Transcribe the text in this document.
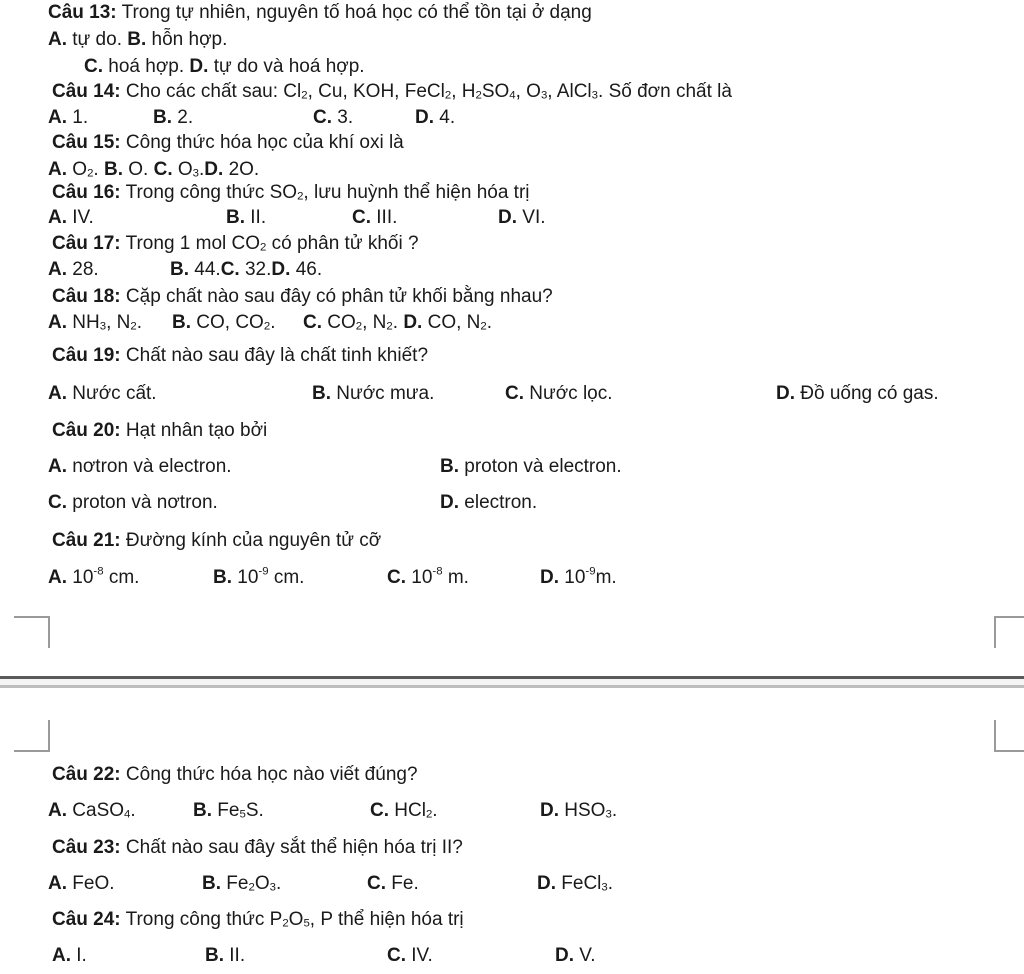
Câu 13: Trong tự nhiên, nguyên tố hoá học có thể tồn tại ở dạng
A. tự do. B. hỗn hợp.
C. hoá hợp. D. tự do và hoá hợp.
Câu 14: Cho các chất sau: $Cl_2$, Cu, KOH, FeCl$_2$, $H_2SO_4$, $O_3$, AlCl$_3$. Số đơn chất là
A. 1.	B. 2.	C. 3.	D. 4.
Câu 15: Công thức hóa học của khí oxi là
A. $O_2$. B. O. C. $O_3.D$. 2O.
Câu 16: Trong công thức $SO_2$, lưu huỳnh thể hiện hóa trị
A. IV.	B. II.	C. III.	D. VI.
Câu 17: Trong 1 mol $CO_2$ có phân tử khối ?
A. 28.	B. 44.C. 32.D. 46.
Câu 18: Cặp chất nào sau đây có phân tử khối bằng nhau?
A. $NH_3$, $N_2$. B. CO, $CO_2$. C. $CO_2$, $N_2$. D. CO, $N_2$.
Câu 19: Chất nào sau đây là chất tinh khiết?
A. Nước cất.	B. Nước mưa.	C. Nước lọc.	D. Đồ uống có gas.
Câu 20: Hạt nhân tạo bởi
A. nơtron và electron.	B. proton và electron.
C. proton và nơtron.	D. electron.
Câu 21: Đường kính của nguyên tử cỡ
A. $10^{-8}$ cm.	B. $10^{-9}$ cm.	C. $10^{-8}$ m.	D. $10^{-9}m$.
Câu 22: Công thức hóa học nào viết đúng?
A. CaSO$_4$.	B. $Fe_5S$.	C. HCl$_2$.	D. $HSO_3$.
Câu 23: Chất nào sau đây sắt thể hiện hóa trị II?
A. FeO.	B. $Fe_2O_3$.	C. Fe.	D. FeCl$_3$.
Câu 24: Trong công thức $P_2O_5$, P thể hiện hóa trị
A. I.	B. II.	C. IV.	D. V.
